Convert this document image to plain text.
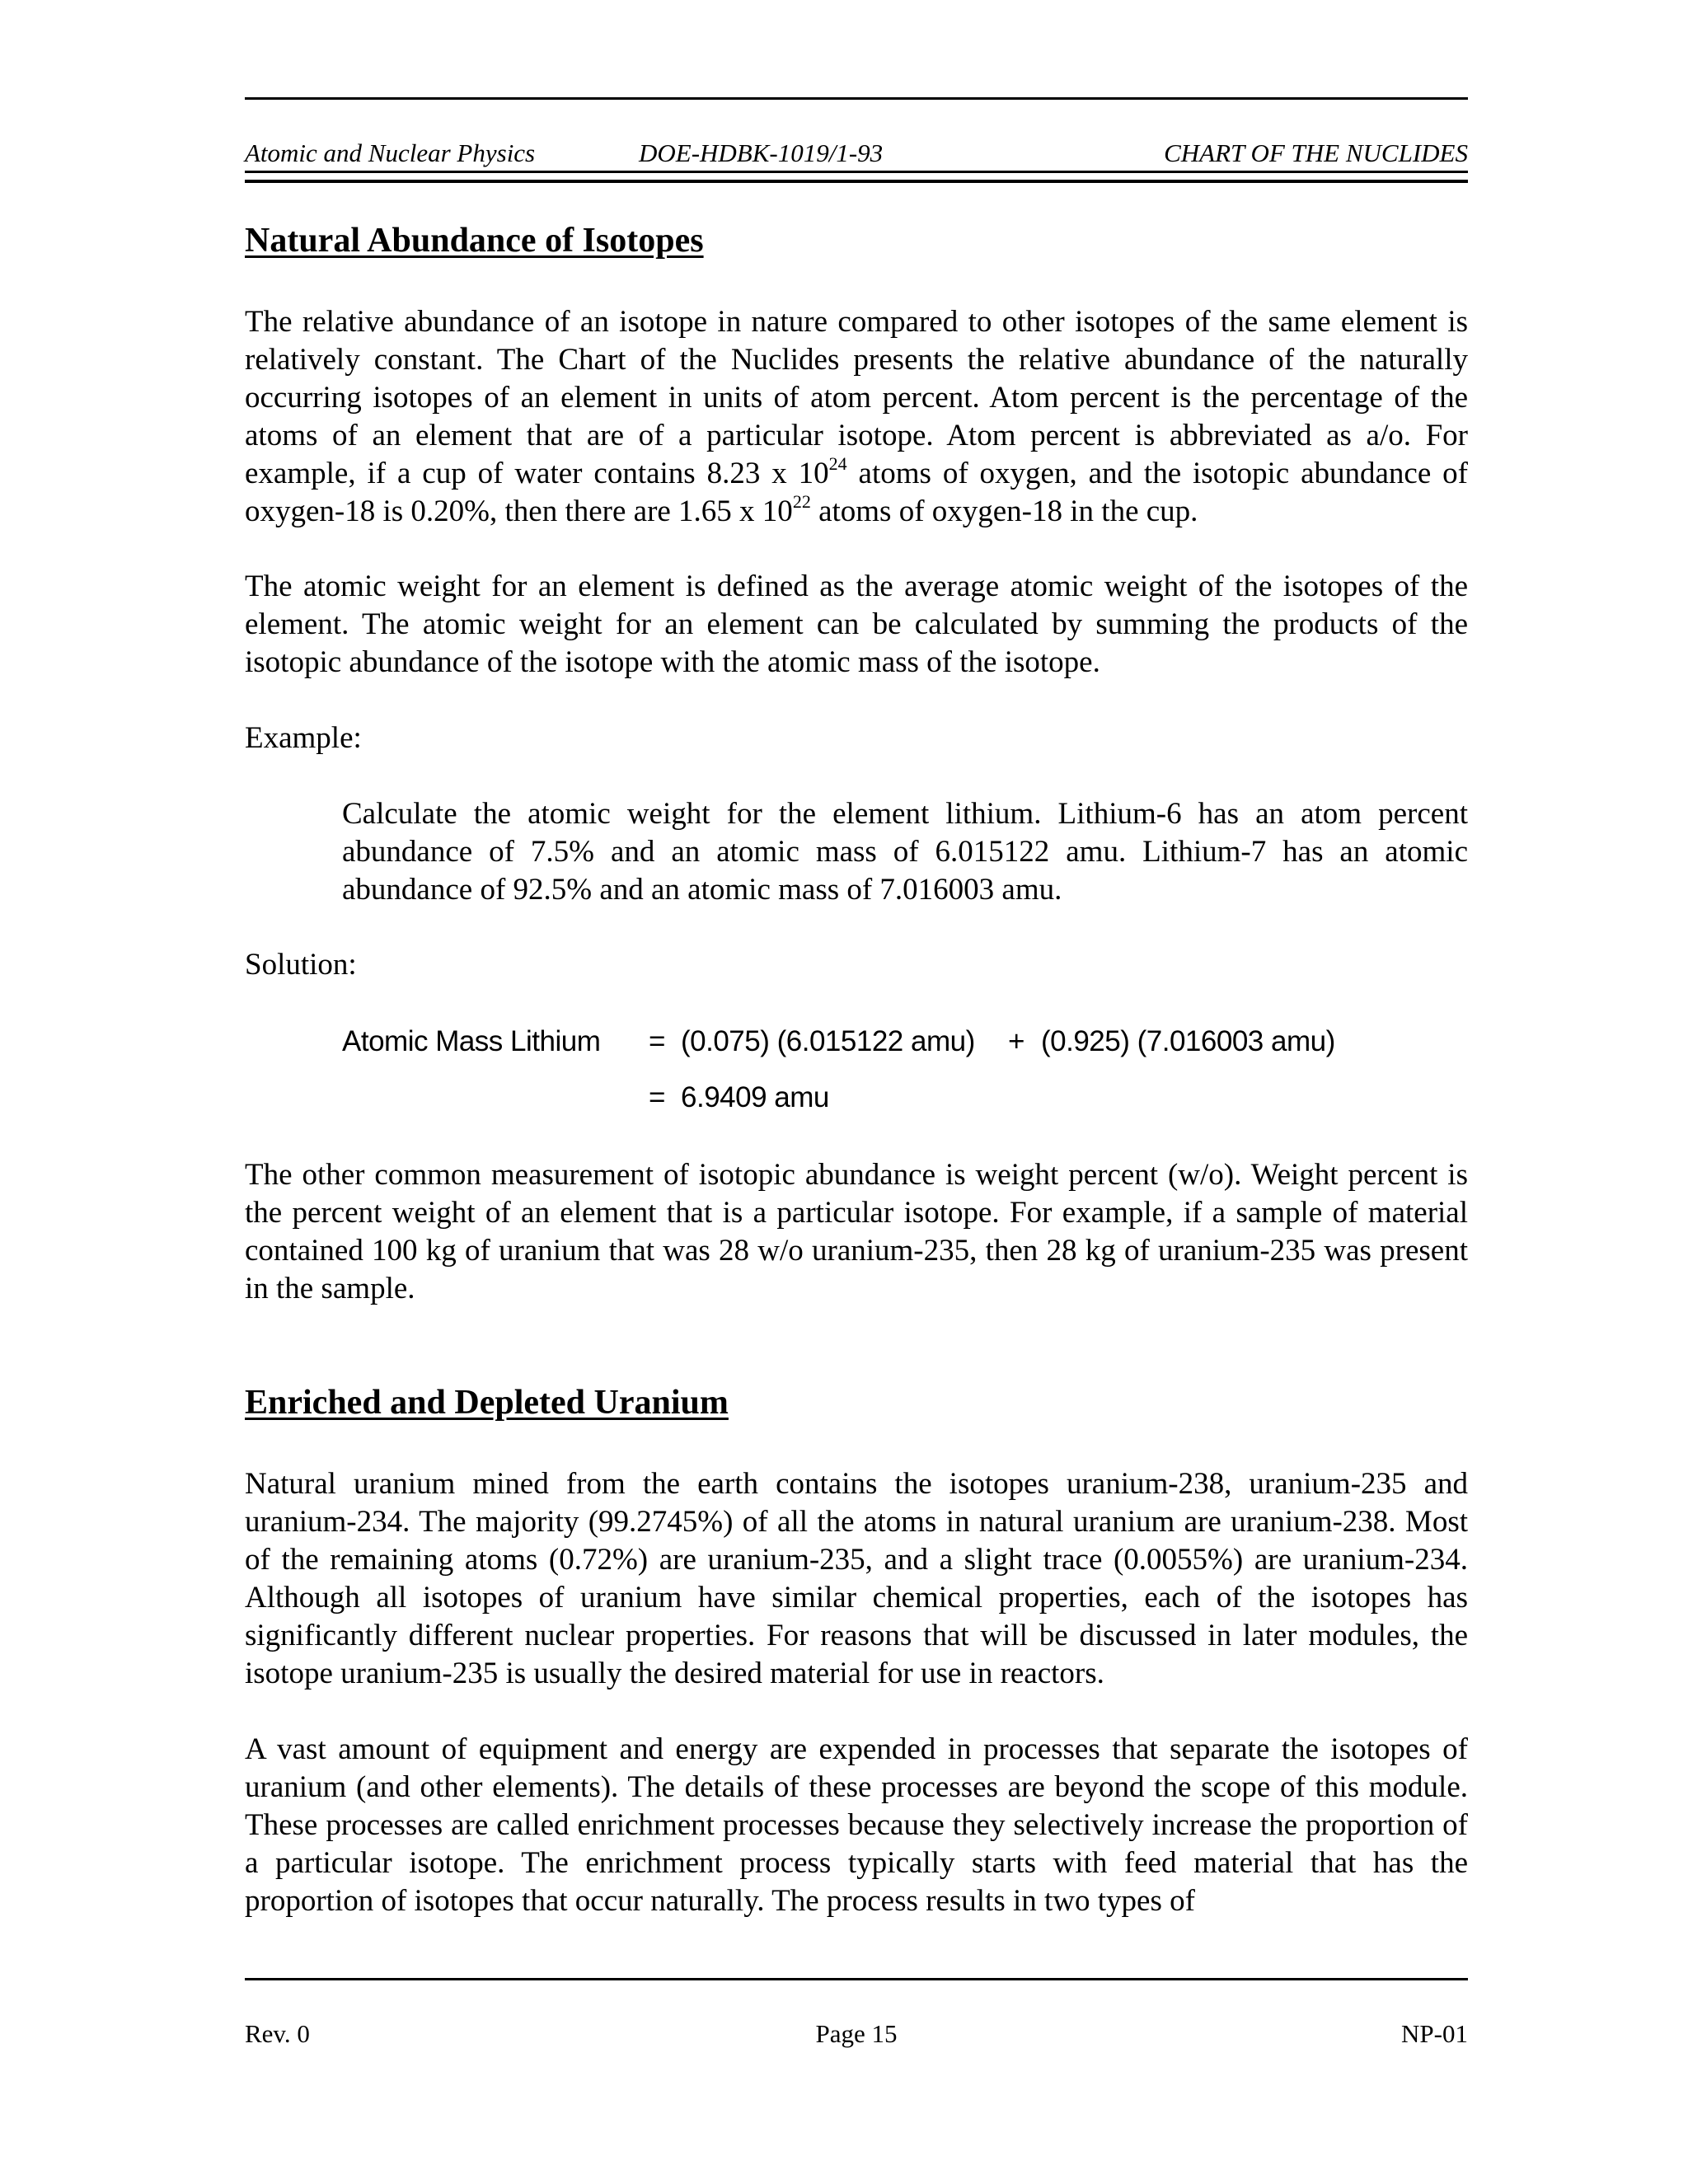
Atomic and Nuclear Physics	DOE-HDBK-1019/1-93	CHART OF THE NUCLIDES
Natural Abundance of Isotopes

The relative abundance of an isotope in nature compared to other isotopes of the same element is relatively constant. The Chart of the Nuclides presents the relative abundance of the naturally occurring isotopes of an element in units of atom percent. Atom percent is the percentage of the atoms of an element that are of a particular isotope. Atom percent is abbreviated as a/o. For example, if a cup of water contains 8.23 x $10^{24}$ atoms of oxygen, and the isotopic abundance of oxygen-18 is 0.20%, then there are 1.65 x $10^{22}$ atoms of oxygen-18 in the cup.

The atomic weight for an element is defined as the average atomic weight of the isotopes of the element. The atomic weight for an element can be calculated by summing the products of the isotopic abundance of the isotope with the atomic mass of the isotope.

Example:

Calculate the atomic weight for the element lithium. Lithium-6 has an atom percent abundance of 7.5% and an atomic mass of 6.015122 amu. Lithium-7 has an atomic abundance of 92.5% and an atomic mass of 7.016003 amu.

Solution:
Atomic Mass Lithium = (0.075) (6.015122 amu) + (0.925) (7.016003 amu)
= 6.9409 amu

The other common measurement of isotopic abundance is weight percent (w/o). Weight percent is the percent weight of an element that is a particular isotope. For example, if a sample of material contained 100 kg of uranium that was 28 w/o uranium-235, then 28 kg of uranium-235 was present in the sample.

Enriched and Depleted Uranium

Natural uranium mined from the earth contains the isotopes uranium-238, uranium-235 and uranium-234. The majority (99.2745%) of all the atoms in natural uranium are uranium-238. Most of the remaining atoms (0.72%) are uranium-235, and a slight trace (0.0055%) are uranium-234. Although all isotopes of uranium have similar chemical properties, each of the isotopes has significantly different nuclear properties. For reasons that will be discussed in later modules, the isotope uranium-235 is usually the desired material for use in reactors.

A vast amount of equipment and energy are expended in processes that separate the isotopes of uranium (and other elements). The details of these processes are beyond the scope of this module. These processes are called enrichment processes because they selectively increase the proportion of a particular isotope. The enrichment process typically starts with feed material that has the proportion of isotopes that occur naturally. The process results in two types of

Rev. 0	Page 15	NP-01
